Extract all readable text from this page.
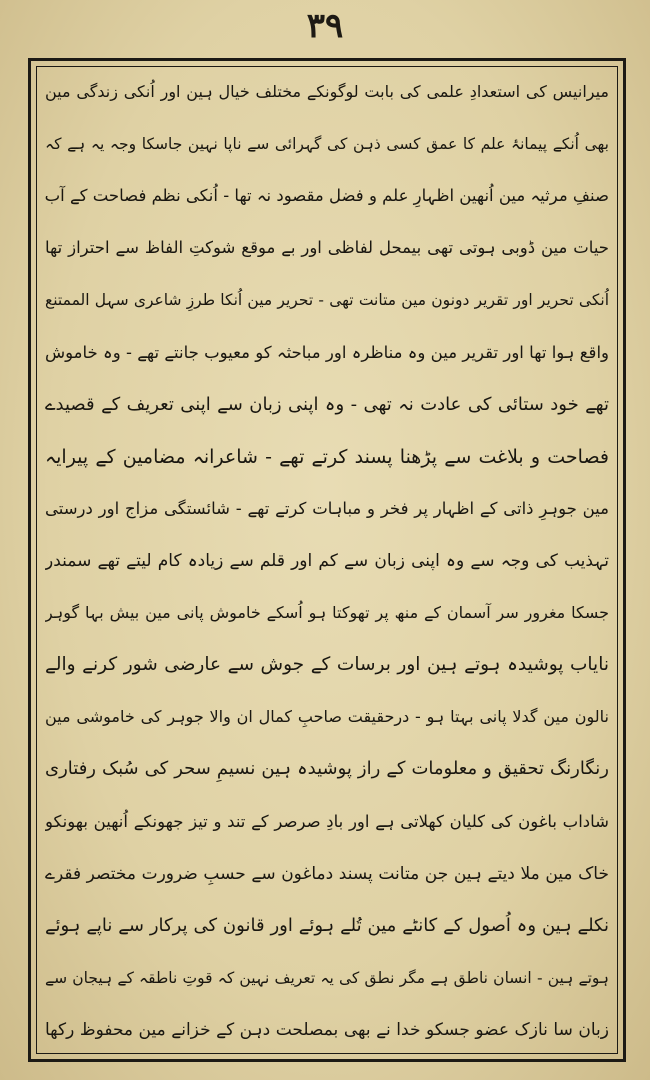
۳۹
میرانیس کی استعدادِ علمی کی بابت لوگونکے مختلف خیال ہین اور اُنکی زندگی مین
بھی اُنکے پیمانۂ علم کا عمق کسی ذہن کی گہرائی سے ناپا نہین جاسکا وجہ یہ ہے کہ
صنفِ مرثیہ مین اُنھین اظہارِ علم و فضل مقصود نہ تھا - اُنکی نظم فصاحت کے آب
حیات مین ڈوبی ہوتی تھی بیمحل لفاظی اور بے موقع شوکتِ الفاظ سے احتراز تھا
اُنکی تحریر اور تقریر دونون مین متانت تھی - تحریر مین اُنکا طرزِ شاعری سہل الممتنع
واقع ہوا تھا اور تقریر مین وہ مناظرہ اور مباحثہ کو معیوب جانتے تھے - وہ خاموش
تھے خود ستائی کی عادت نہ تھی - وہ اپنی زبان سے اپنی تعریف کے قصیدے
فصاحت و بلاغت سے پڑھنا پسند کرتے تھے - شاعرانہ مضامین کے پیرایہ
مین جوہرِ ذاتی کے اظہار پر فخر و مباہات کرتے تھے - شائستگی مزاج اور درستی
تہذیب کی وجہ سے وہ اپنی زبان سے کم اور قلم سے زیادہ کام لیتے تھے سمندر
جسکا مغرور سر آسمان کے منھ پر تھوکتا ہو اُسکے خاموش پانی مین بیش بہا گوہر
نایاب پوشیدہ ہوتے ہین اور برسات کے جوش سے عارضی شور کرنے والے
نالون مین گدلا پانی بہتا ہو - درحقیقت صاحبِ کمال ان والا جوہر کی خاموشی مین
رنگارنگ تحقیق و معلومات کے راز پوشیدہ ہین نسیمِ سحر کی سُبک رفتاری
شاداب باغون کی کلیان کھلاتی ہے اور بادِ صرصر کے تند و تیز جھونکے اُنھین بھونکو
خاک مین ملا دیتے ہین جن متانت پسند دماغون سے حسبِ ضرورت مختصر فقرے
نکلے ہین وہ اُصول کے کانٹے مین تُلے ہوئے اور قانون کی پرکار سے ناپے ہوئے
ہوتے ہین - انسان ناطق ہے مگر نطق کی یہ تعریف نہین کہ قوتِ ناطقہ کے ہیجان سے
زبان سا نازک عضو جسکو خدا نے بھی بمصلحت دہن کے خزانے مین محفوظ رکھا
